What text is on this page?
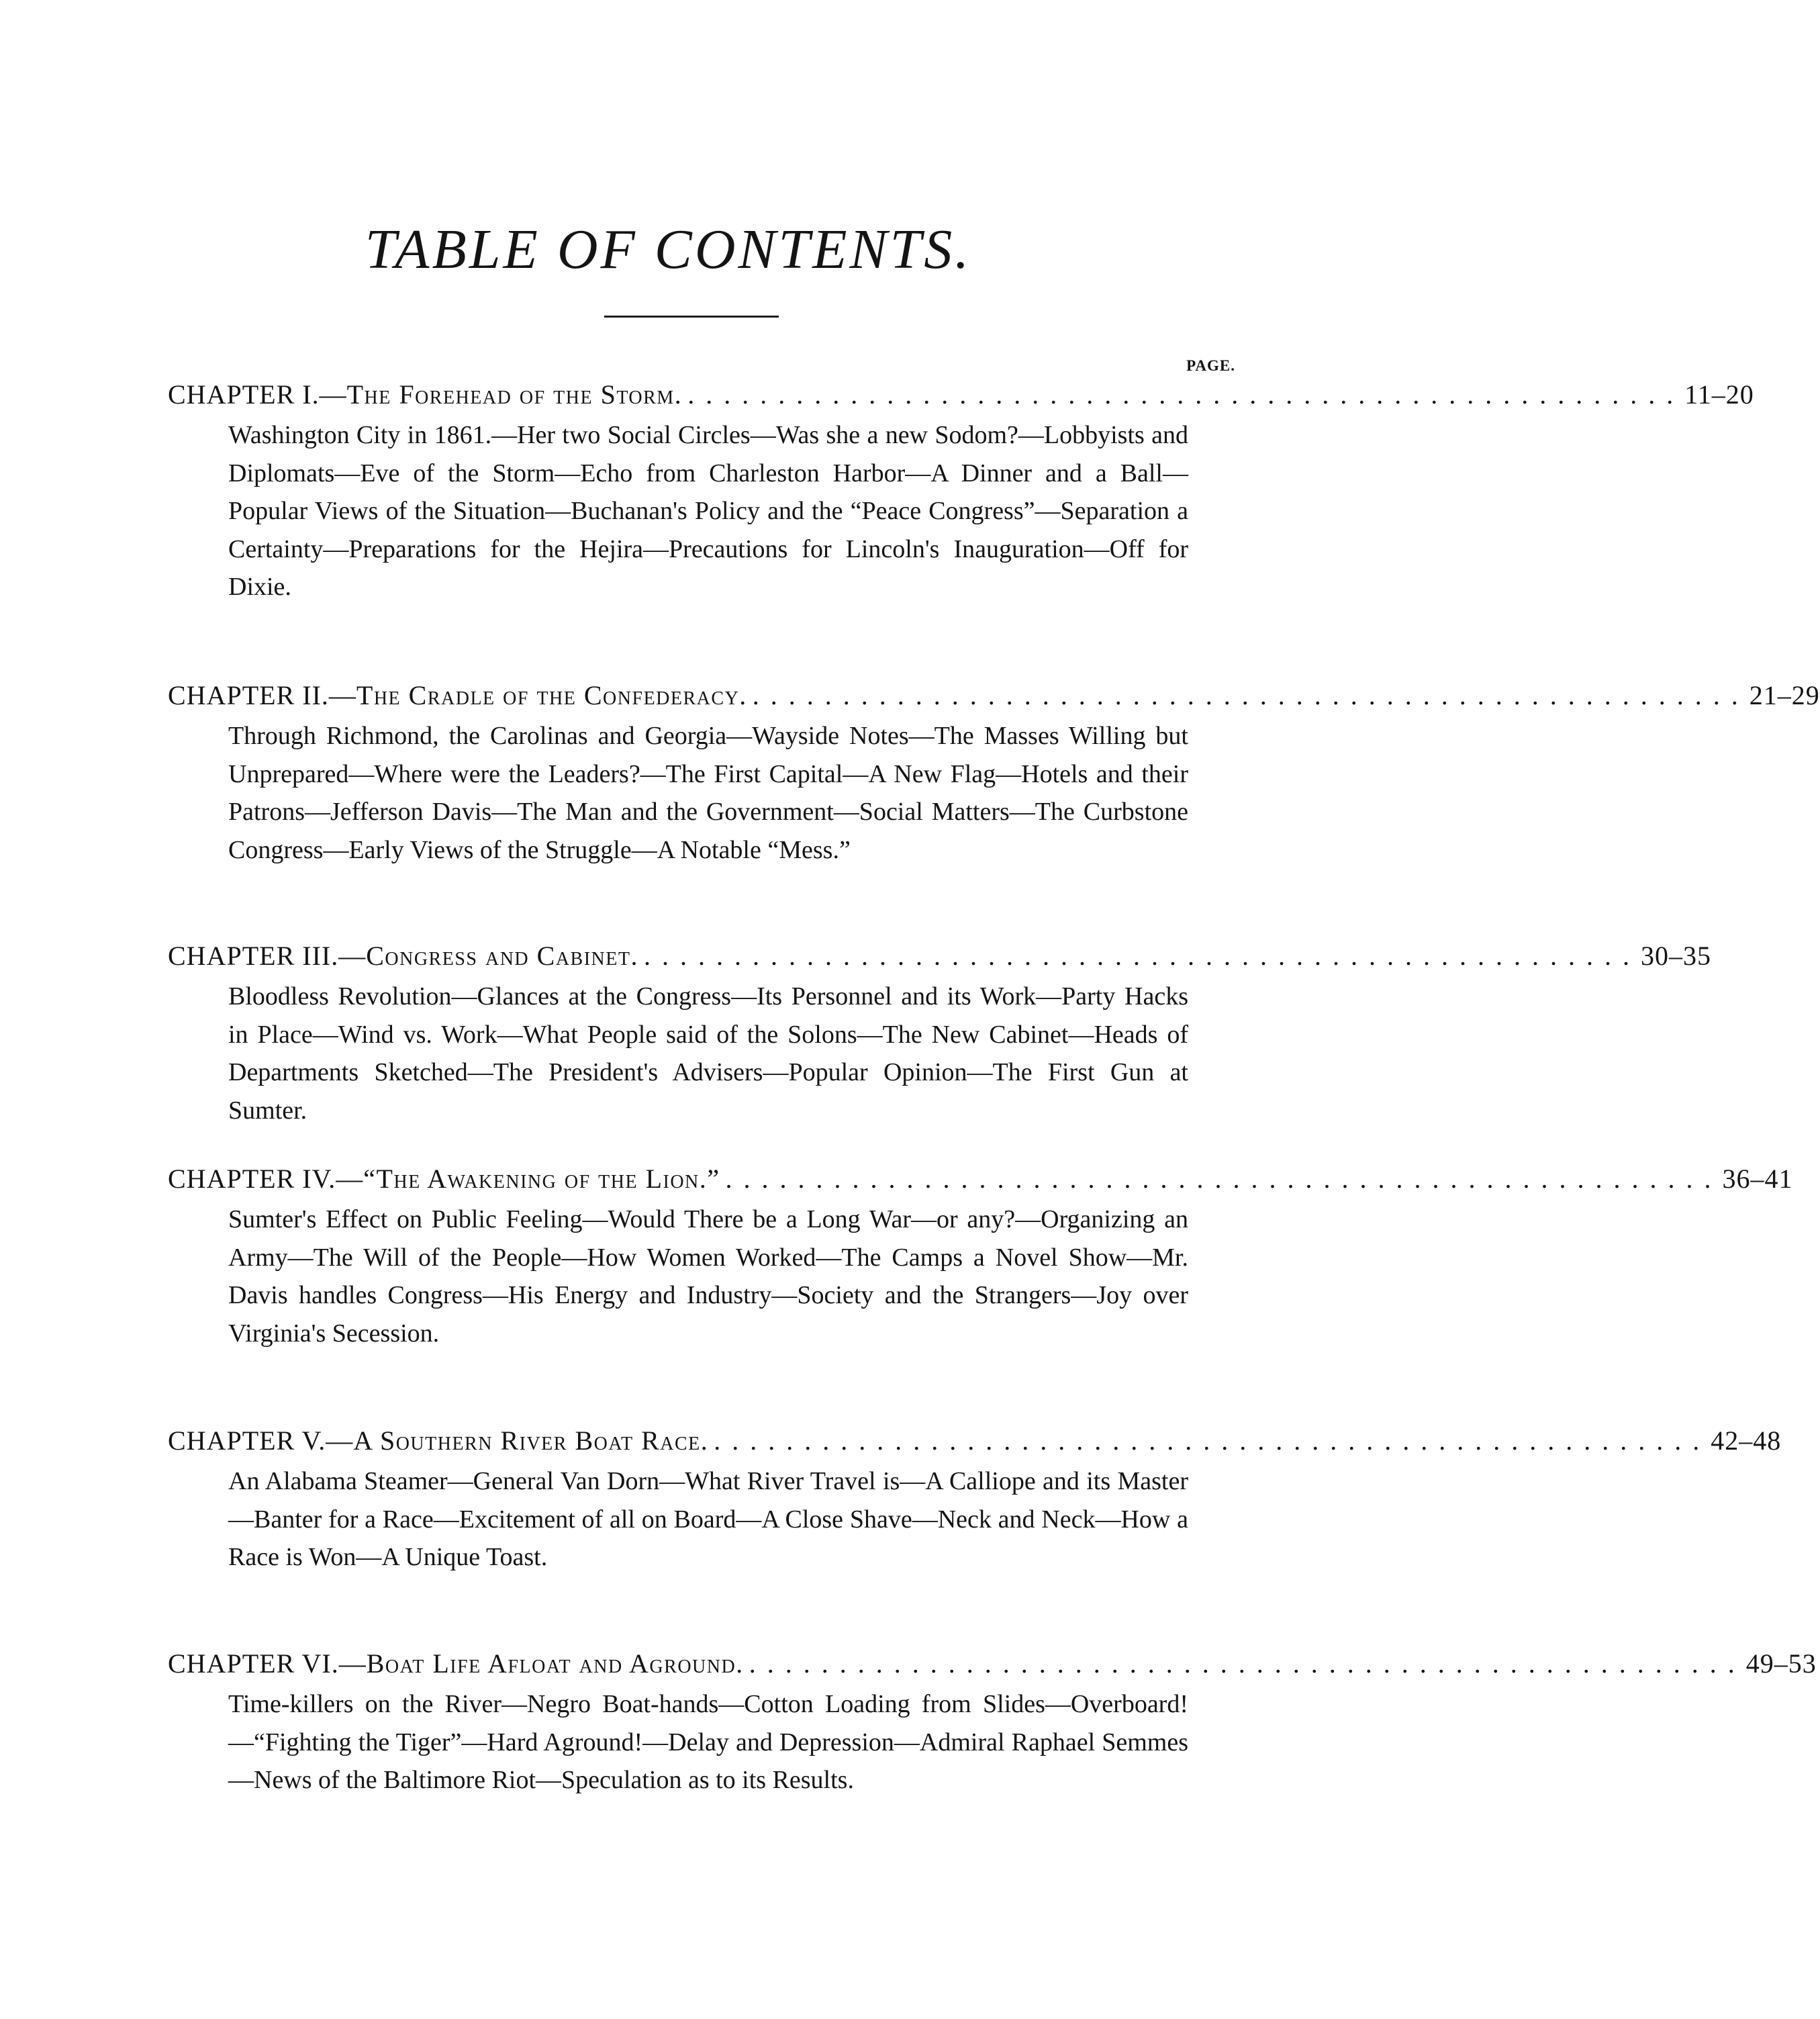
TABLE OF CONTENTS.
PAGE.
CHAPTER I.— The Forehead of the Storm. ....................................................... 11–20
Washington City in 1861.—Her two Social Circles—Was she a new Sodom?—Lobbyists and Diplomats—Eve of the Storm—Echo from Charleston Harbor—A Dinner and a Ball—Popular Views of the Situation—Buchanan's Policy and the “Peace Congress”—Separation a Certainty—Preparations for the Hejira—Precautions for Lincoln's Inauguration—Off for Dixie.
CHAPTER II.— The Cradle of the Confederacy. ....................................................... 21–29
Through Richmond, the Carolinas and Georgia—Wayside Notes—The Masses Willing but Unprepared—Where were the Leaders?—The First Capital—A New Flag—Hotels and their Patrons—Jefferson Davis—The Man and the Government—Social Matters—The Curbstone Congress—Early Views of the Struggle—A Notable “Mess.”
CHAPTER III.— Congress and Cabinet. ....................................................... 30–35
Bloodless Revolution—Glances at the Congress—Its Personnel and its Work—Party Hacks in Place—Wind vs. Work—What People said of the Solons—The New Cabinet—Heads of Departments Sketched—The President's Advisers—Popular Opinion—The First Gun at Sumter.
CHAPTER IV.— “The Awakening of the Lion.” ....................................................... 36–41
Sumter's Effect on Public Feeling—Would There be a Long War—or any?—Organizing an Army—The Will of the People—How Women Worked—The Camps a Novel Show—Mr. Davis handles Congress—His Energy and Industry—Society and the Strangers—Joy over Virginia's Secession.
CHAPTER V.— A Southern River Boat Race. ....................................................... 42–48
An Alabama Steamer—General Van Dorn—What River Travel is—A Calliope and its Master—Banter for a Race—Excitement of all on Board—A Close Shave—Neck and Neck—How a Race is Won—A Unique Toast.
CHAPTER VI.— Boat Life Afloat and Aground. ....................................................... 49–53
Time-killers on the River—Negro Boat-hands—Cotton Loading from Slides—Overboard!—“Fighting the Tiger”—Hard Aground!—Delay and Depression—Admiral Raphael Semmes—News of the Baltimore Riot—Speculation as to its Results.
